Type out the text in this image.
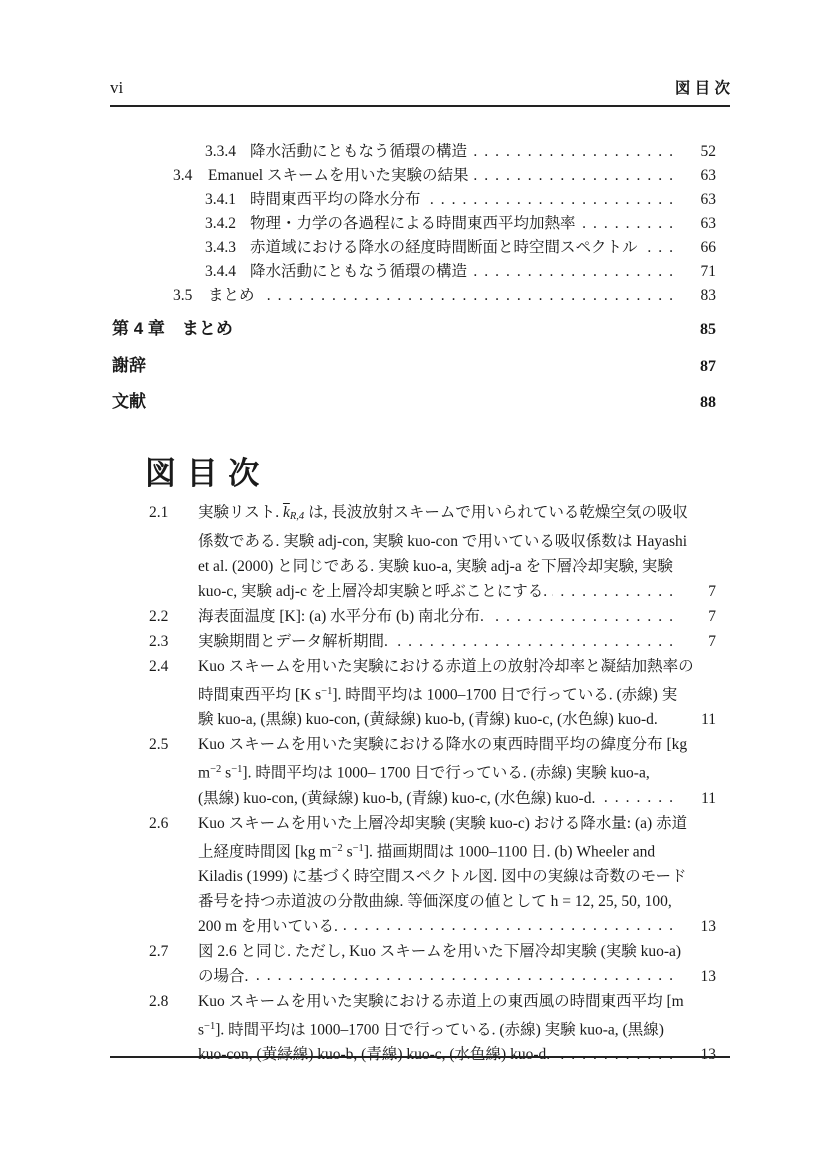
vi	図 目 次
3.3.4 降水活動にともなう循環の構造 .....	52
3.4	Emanuel スキームを用いた実験の結果 .....	63
3.4.1 時間東西平均の降水分布 .....	63
3.4.2 物理・力学の各過程による時間東西平均加熱率 .....	63
3.4.3 赤道域における降水の経度時間断面と時空間スペクトル .....	66
3.4.4 降水活動にともなう循環の構造 .....	71
3.5	まとめ .....	83
第 4 章　まとめ	85
謝辞	87
文献	88
図 目 次
2.1 実験リスト. $\overline{k}R,4$ は, 長波放射スキームで用いられている乾燥空気の吸収
係数である. 実験 adj-con, 実験 kuo-con で用いている吸収係数は Hayashi
et al. (2000) と同じである. 実験 kuo-a, 実験 adj-a を下層冷却実験, 実験
kuo-c, 実験 adj-c を上層冷却実験と呼ぶことにする. .....	7
2.2 海表面温度 [K]: (a) 水平分布 (b) 南北分布. .....	7
2.3 実験期間とデータ解析期間. .....	7
2.4 Kuo スキームを用いた実験における赤道上の放射冷却率と凝結加熱率の
時間東西平均 [K $s^{-1}$]. 時間平均は 1000–1700 日で行っている. (赤線) 実
験 kuo-a, (黒線) kuo-con, (黄緑線) kuo-b, (青線) kuo-c, (水色線) kuo-d.	11
2.5 Kuo スキームを用いた実験における降水の東西時間平均の緯度分布 [kg
$m^{-2}$ $s^{-1}$]. 時間平均は 1000– 1700 日で行っている. (赤線) 実験 kuo-a,
(黒線) kuo-con, (黄緑線) kuo-b, (青線) kuo-c, (水色線) kuo-d. .....	11
2.6 Kuo スキームを用いた上層冷却実験 (実験 kuo-c) おける降水量: (a) 赤道
上経度時間図 [kg $m^{-2}$ $s^{-1}$]. 描画期間は 1000–1100 日. (b) Wheeler and
Kiladis (1999) に基づく時空間スペクトル図. 図中の実線は奇数のモード
番号を持つ赤道波の分散曲線. 等価深度の値として h = 12, 25, 50, 100,
200 m を用いている. .....	13
2.7 図 2.6 と同じ. ただし, Kuo スキームを用いた下層冷却実験 (実験 kuo-a)
の場合. .....	13
2.8 Kuo スキームを用いた実験における赤道上の東西風の時間東西平均 [m
$s^{-1}$]. 時間平均は 1000–1700 日で行っている. (赤線) 実験 kuo-a, (黒線)
kuo-con, (黄緑線) kuo-b, (青線) kuo-c, (水色線) kuo-d. .....	13
